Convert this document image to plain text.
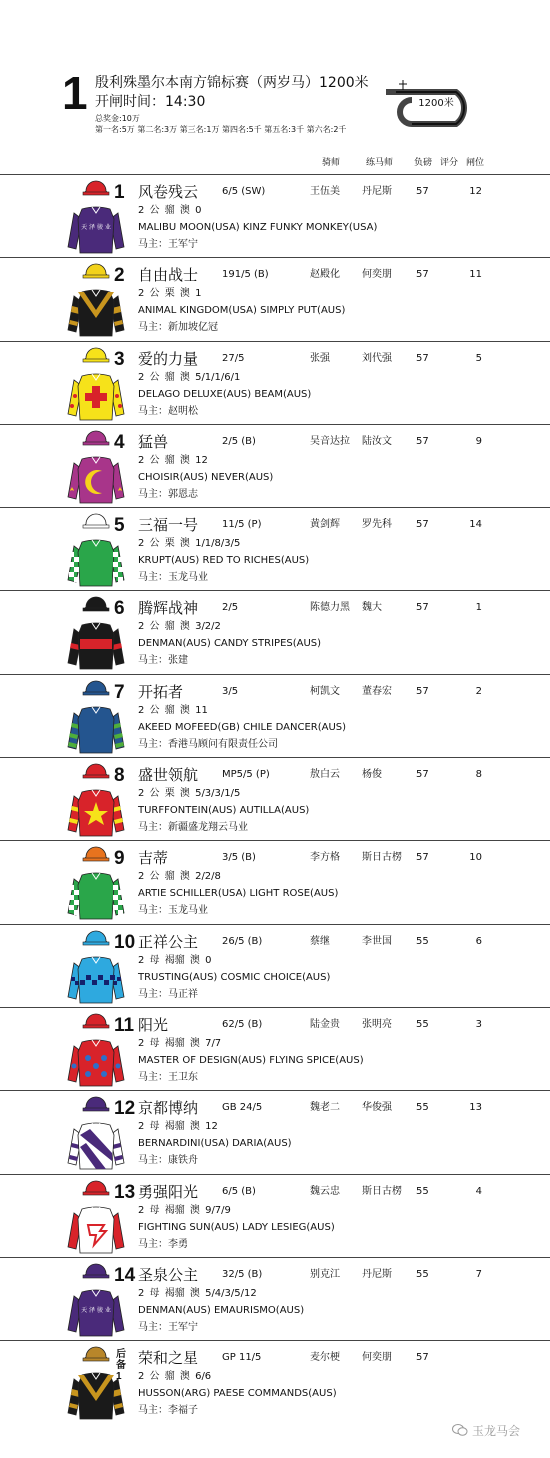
1 殷利殊墨尔本南方锦标赛（两岁马）1200米
开闸时间：14:30
总奖金:10万
第一名:5万 第二名:3万 第三名:1万 第四名:5千 第五名:3千 第六名:2千
1200米
骑师	练马师 负磅 评分 闸位
天 泽 骏 业
1 风卷残云 6/5 (SW)	王伍美 丹尼斯 57	12
2 公 骝 澳 0
MALIBU MOON(USA) KINZ FUNKY MONKEY(USA)
马主：王军宁
2 自由战士 191/5 (B)	赵殿化 何奕朋 57	11
2 公 栗 澳 1
ANIMAL KINGDOM(USA) SIMPLY PUT(AUS)
马主：新加坡亿冠
3 爱的力量 27/5	张强	刘代强 57	5
2 公 骝 澳 5/1/1/6/1
DELAGO DELUXE(AUS) BEAM(AUS)
马主：赵明松
4 猛兽	2/5 (B)	吴音达拉 陆汝文 57	9
2 公 骝 澳 12
CHOISIR(AUS) NEVER(AUS)
马主：郭恩志
5 三福一号 11/5 (P)	黄剑辉 罗先科 57	14
2 公 栗 澳 1/1/8/3/5
KRUPT(AUS) RED TO RICHES(AUS)
马主：玉龙马业
6 腾辉战神 2/5	陈德力黑 魏大	57	1
2 公 骝 澳 3/2/2
DENMAN(AUS) CANDY STRIPES(AUS)
马主：张建
7 开拓者	3/5	柯凯文 董春宏 57	2
2 公 骝 澳 11
AKEED MOFEED(GB) CHILE DANCER(AUS)
马主：香港马顾问有限责任公司
8 盛世领航 MP5/5 (P)	敖白云 杨俊	57	8
2 公 栗 澳 5/3/3/1/5
TURFFONTEIN(AUS) AUTILLA(AUS)
马主：新疆盛龙翔云马业
9 吉蒂	3/5 (B)	李方格 斯日古楞 57	10
2 公 骝 澳 2/2/8
ARTIE SCHILLER(USA) LIGHT ROSE(AUS)
马主：玉龙马业
10 正祥公主 26/5 (B)	蔡继	李世国 55	6
2 母 褐骝 澳 0
TRUSTING(AUS) COSMIC CHOICE(AUS)
马主：马正祥
11 阳光	62/5 (B)	陆金贵 张明亮 55	3
2 母 褐骝 澳 7/7
MASTER OF DESIGN(AUS) FLYING SPICE(AUS)
马主：王卫东
12 京都博纳 GB 24/5	魏老二 华俊强 55	13
2 母 褐骝 澳 12
BERNARDINI(USA) DARIA(AUS)
马主：康铁舟
13 勇强阳光 6/5 (B)	魏云忠 斯日古楞 55	4
2 母 褐骝 澳 9/7/9
FIGHTING SUN(AUS) LADY LESIEG(AUS)
马主：李勇
天 泽 骏 业
14 圣泉公主 32/5 (B)	别克江 丹尼斯 55	7
2 母 褐骝 澳 5/4/3/5/12
DENMAN(AUS) EMAURISMO(AUS)
马主：王军宁
后备1
荣和之星 GP 11/5	麦尔梗 何奕朋 57
2 公 骝 澳 6/6
HUSSON(ARG) PAESE COMMANDS(AUS)
马主：李福子
玉龙马会
